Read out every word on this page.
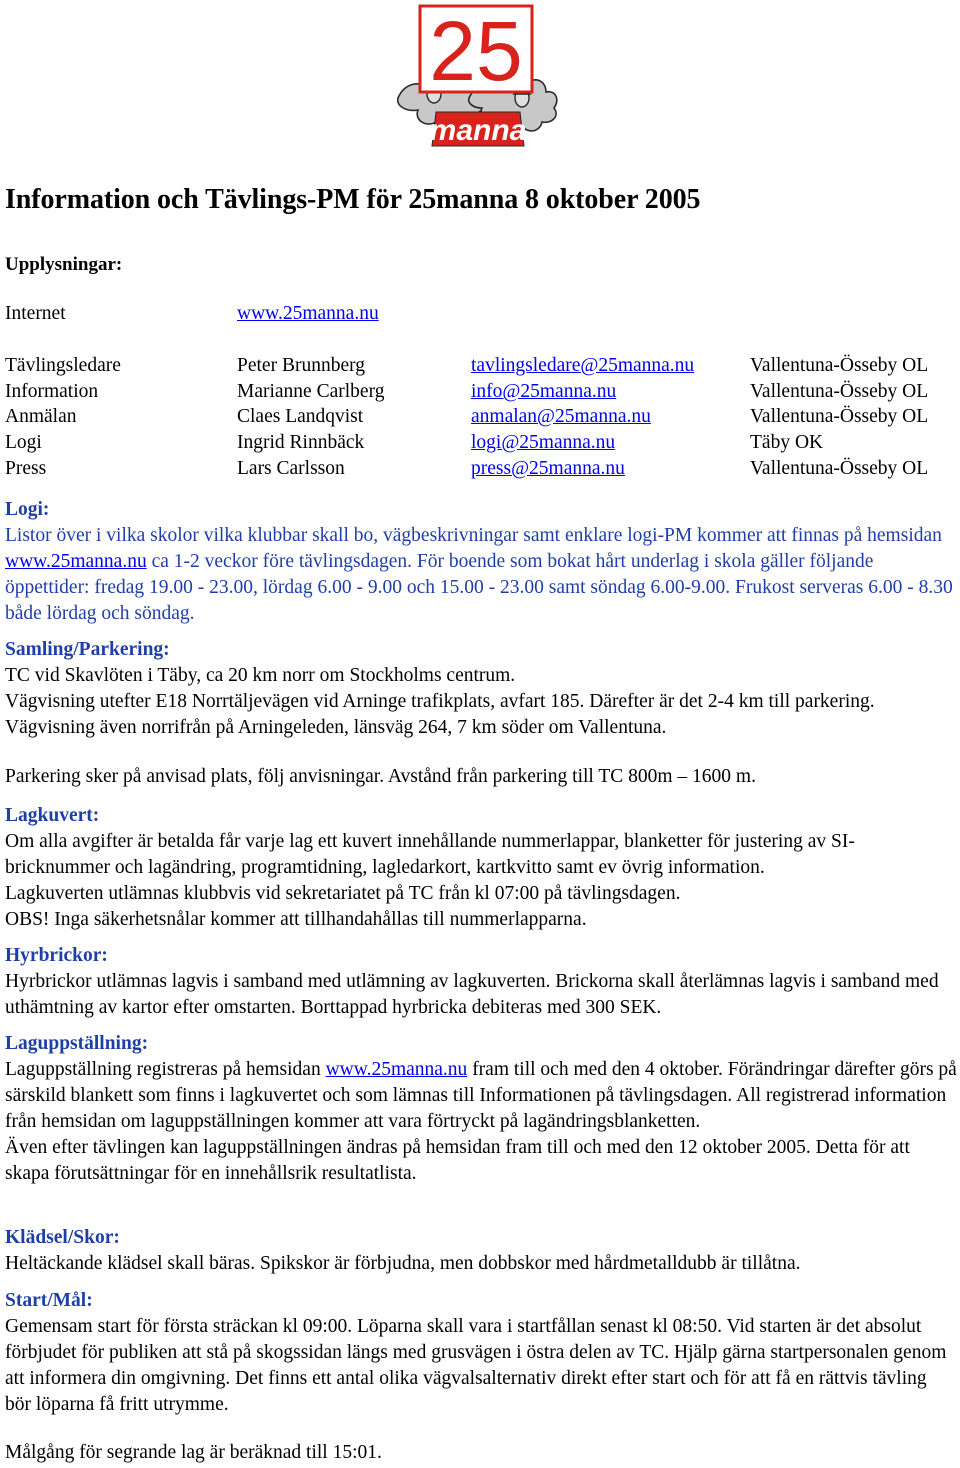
25
manna
Information och Tävlings-PM för 25manna 8 oktober 2005
Upplysningar:
Internet	www.25manna.nu
Tävlingsledare	Peter Brunnberg	tavlingsledare@25manna.nu	Vallentuna-Össeby OL
Information	Marianne Carlberg	info@25manna.nu	Vallentuna-Össeby OL
Anmälan	Claes Landqvist	anmalan@25manna.nu	Vallentuna-Össeby OL
Logi	Ingrid Rinnbäck	logi@25manna.nu	Täby OK
Press	Lars Carlsson	press@25manna.nu	Vallentuna-Össeby OL

Logi:

Listor över i vilka skolor vilka klubbar skall bo, vägbeskrivningar samt enklare logi-PM kommer att finnas på hemsidan www.25manna.nu ca 1-2 veckor före tävlingsdagen. För boende som bokat hårt underlag i skola gäller följande öppettider: fredag 19.00 - 23.00, lördag 6.00 - 9.00 och 15.00 - 23.00 samt söndag 6.00-9.00. Frukost serveras 6.00 - 8.30 både lördag och söndag.

Samling/Parkering:

TC vid Skavlöten i Täby, ca 20 km norr om Stockholms centrum.

Vägvisning utefter E18 Norrtäljevägen vid Arninge trafikplats, avfart 185. Därefter är det 2-4 km till parkering. Vägvisning även norrifrån på Arningeleden, länsväg 264, 7 km söder om Vallentuna.

Parkering sker på anvisad plats, följ anvisningar. Avstånd från parkering till TC 800m – 1600 m.

Lagkuvert:

Om alla avgifter är betalda får varje lag ett kuvert innehållande nummerlappar, blanketter för justering av SI-bricknummer och lagändring, programtidning, lagledarkort, kartkvitto samt ev övrig information.

Lagkuverten utlämnas klubbvis vid sekretariatet på TC från kl 07:00 på tävlingsdagen.

OBS! Inga säkerhetsnålar kommer att tillhandahållas till nummerlapparna.

Hyrbrickor:

Hyrbrickor utlämnas lagvis i samband med utlämning av lagkuverten. Brickorna skall återlämnas lagvis i samband med uthämtning av kartor efter omstarten. Borttappad hyrbricka debiteras med 300 SEK.

Laguppställning:

Laguppställning registreras på hemsidan www.25manna.nu fram till och med den 4 oktober. Förändringar därefter görs på särskild blankett som finns i lagkuvertet och som lämnas till Informationen på tävlingsdagen. All registrerad information från hemsidan om laguppställningen kommer att vara förtryckt på lagändringsblanketten.

Även efter tävlingen kan laguppställningen ändras på hemsidan fram till och med den 12 oktober 2005. Detta för att skapa förutsättningar för en innehållsrik resultatlista.

Klädsel/Skor:

Heltäckande klädsel skall bäras. Spikskor är förbjudna, men dobbskor med hårdmetalldubb är tillåtna.

Start/Mål:

Gemensam start för första sträckan kl 09:00. Löparna skall vara i startfållan senast kl 08:50. Vid starten är det absolut förbjudet för publiken att stå på skogssidan längs med grusvägen i östra delen av TC. Hjälp gärna startpersonalen genom att informera din omgivning. Det finns ett antal olika vägvalsalternativ direkt efter start och för att få en rättvis tävling bör löparna få fritt utrymme.

Målgång för segrande lag är beräknad till 15:01.
